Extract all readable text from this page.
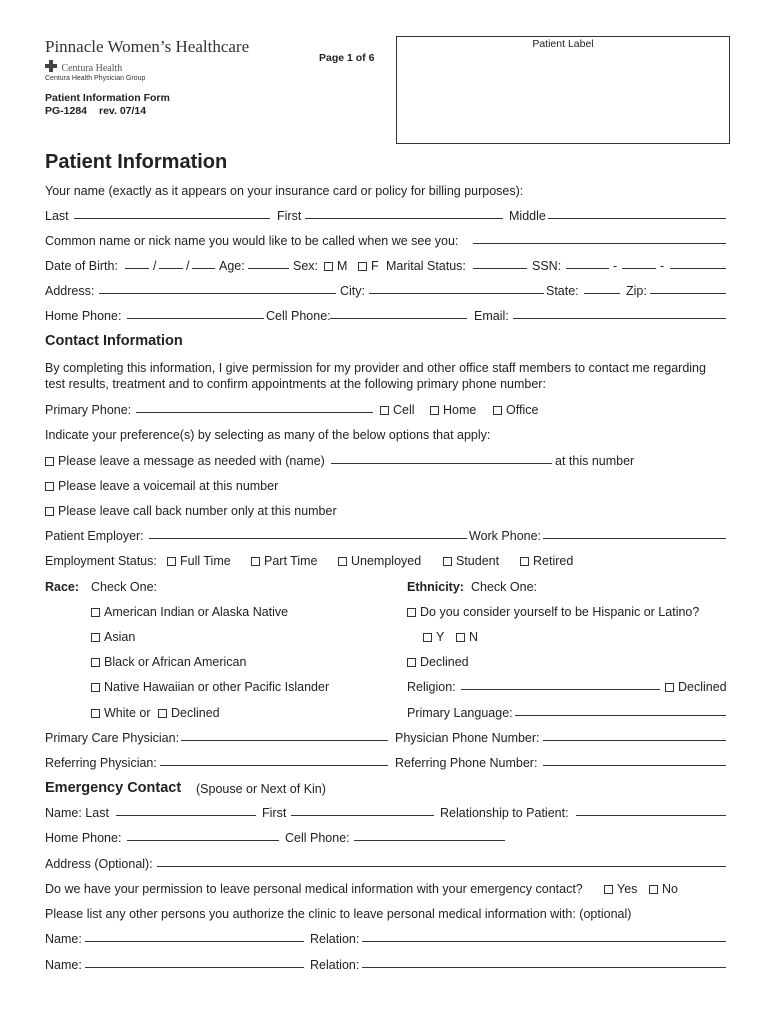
Pinnacle Women’s Healthcare
Centura Health
Centura Health Physician Group
Page 1 of 6
Patient Label
Patient Information Form
PG-1284 rev. 07/14
Patient Information
Your name (exactly as it appears on your insurance card or policy for billing purposes):
Last	First	Middle
Common name or nick name you would like to be called when we see you:
Date of Birth:	/ / Age:	Sex:	M	F Marital Status:	SSN:	-	-
Address:	City:	State:	Zip:
Home Phone:	Cell Phone:	Email:
Contact Information
By completing this information, I give permission for my provider and other office staff members to contact me regarding
test results, treatment and to confirm appointments at the following primary phone number:
Primary Phone:	Cell	Home	Office
Indicate your preference(s) by selecting as many of the below options that apply:
Please leave a message as needed with (name)	at this number
Please leave a voicemail at this number
Please leave call back number only at this number
Patient Employer:	Work Phone:
Employment Status:	Full Time	Part Time	Unemployed	Student	Retired
Race: Check One:
American Indian or Alaska Native
Asian
Black or African American
Native Hawaiian or other Pacific Islander
White or	Declined
Ethnicity: Check One:
Do you consider yourself to be Hispanic or Latino?
Y	N
Declined
Religion:	Declined
Primary Language:
Primary Care Physician:	Physician Phone Number:
Referring Physician:	Referring Phone Number:
Emergency Contact (Spouse or Next of Kin)
Name: Last	First	Relationship to Patient:
Home Phone:	Cell Phone:
Address (Optional):
Do we have your permission to leave personal medical information with your emergency contact?	Yes	No
Please list any other persons you authorize the clinic to leave personal medical information with: (optional)
Name:	Relation:
Name:	Relation:
